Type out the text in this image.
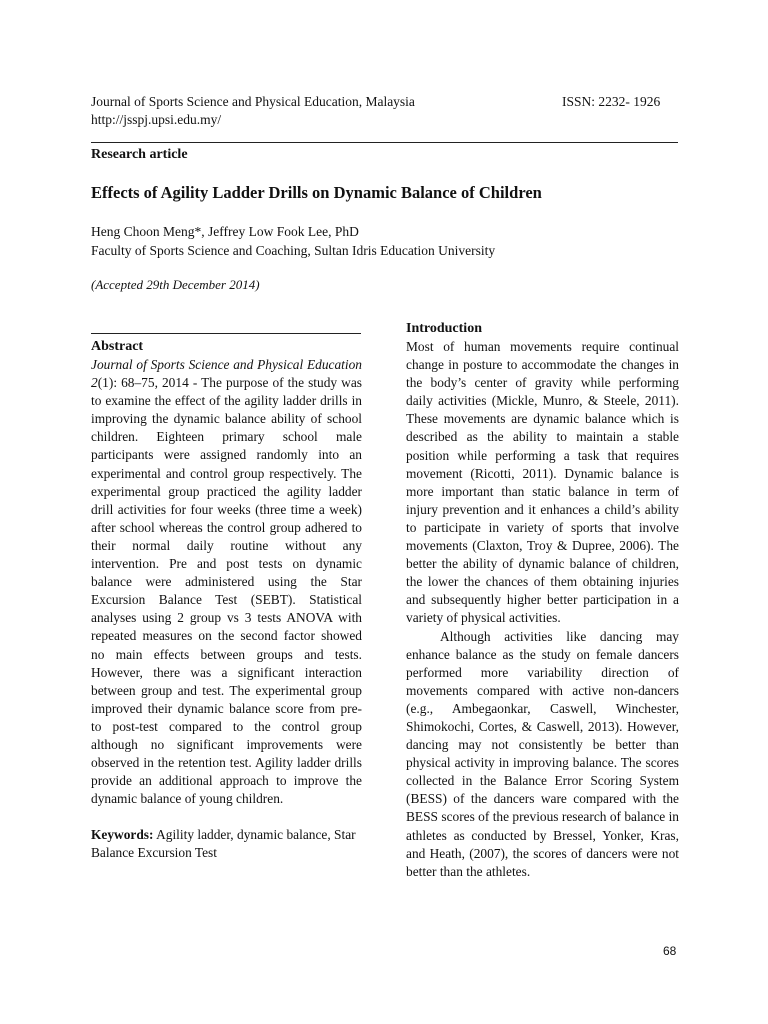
Journal of Sports Science and Physical Education, Malaysia
http://jsspj.upsi.edu.my/
ISSN: 2232- 1926
Research article
Effects of Agility Ladder Drills on Dynamic Balance of Children
Heng Choon Meng*, Jeffrey Low Fook Lee, PhD
Faculty of Sports Science and Coaching, Sultan Idris Education University
(Accepted 29th December 2014)
Abstract

Journal of Sports Science and Physical Education 2(1): 68–75, 2014 - The purpose of the study was to examine the effect of the agility ladder drills in improving the dynamic balance ability of school children. Eighteen primary school male participants were assigned randomly into an experimental and control group respectively. The experimental group practiced the agility ladder drill activities for four weeks (three time a week) after school whereas the control group adhered to their normal daily routine without any intervention. Pre and post tests on dynamic balance were administered using the Star Excursion Balance Test (SEBT). Statistical analyses using 2 group vs 3 tests ANOVA with repeated measures on the second factor showed no main effects between groups and tests. However, there was a significant interaction between group and test. The experimental group improved their dynamic balance score from pre- to post-test compared to the control group although no significant improvements were observed in the retention test. Agility ladder drills provide an additional approach to improve the dynamic balance of young children.

Keywords: Agility ladder, dynamic balance, Star Balance Excursion Test

Introduction

Most of human movements require continual change in posture to accommodate the changes in the body’s center of gravity while performing daily activities (Mickle, Munro, & Steele, 2011). These movements are dynamic balance which is described as the ability to maintain a stable position while performing a task that requires movement (Ricotti, 2011). Dynamic balance is more important than static balance in term of injury prevention and it enhances a child’s ability to participate in variety of sports that involve movements (Claxton, Troy & Dupree, 2006). The better the ability of dynamic balance of children, the lower the chances of them obtaining injuries and subsequently higher better participation in a variety of physical activities.

Although activities like dancing may enhance balance as the study on female dancers performed more variability direction of movements compared with active non-dancers (e.g., Ambegaonkar, Caswell, Winchester, Shimokochi, Cortes, & Caswell, 2013). However, dancing may not consistently be better than physical activity in improving balance. The scores collected in the Balance Error Scoring System (BESS) of the dancers ware compared with the BESS scores of the previous research of balance in athletes as conducted by Bressel, Yonker, Kras, and Heath, (2007), the scores of dancers were not better than the athletes.

68
